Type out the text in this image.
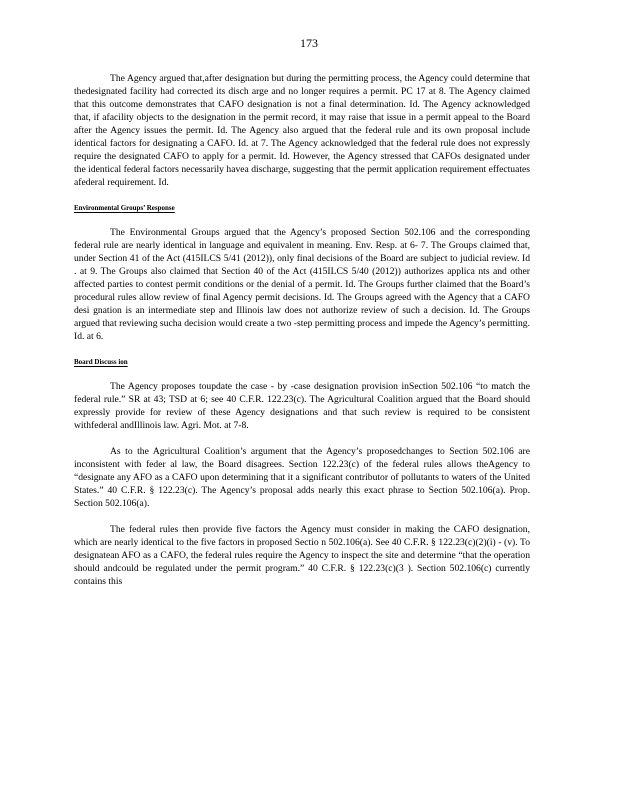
173

The Agency argued that,after designation but during the permitting process, the Agency could determine that thedesignated facility had corrected its disch arge and no longer requires a permit. PC 17 at 8. The Agency claimed that this outcome demonstrates that CAFO designation is not a final determination. Id. The Agency acknowledged that, if afacility objects to the designation in the permit record, it may raise that issue in a permit appeal to the Board after the Agency issues the permit. Id. The Agency also argued that the federal rule and its own proposal include identical factors for designating a CAFO. Id. at 7. The Agency acknowledged that the federal rule does not expressly require the designated CAFO to apply for a permit. Id. However, the Agency stressed that CAFOs designated under the identical federal factors necessarily havea discharge, suggesting that the permit application requirement effectuates afederal requirement. Id.

Environmental Groups’ Response

The Environmental Groups argued that the Agency’s proposed Section 502.106 and the corresponding federal rule are nearly identical in language and equivalent in meaning. Env. Resp. at 6- 7. The Groups claimed that, under Section 41 of the Act (415ILCS 5/41 (2012)), only final decisions of the Board are subject to judicial review. Id . at 9. The Groups also claimed that Section 40 of the Act (415ILCS 5/40 (2012)) authorizes applica nts and other affected parties to contest permit conditions or the denial of a permit. Id. The Groups further claimed that the Board’s procedural rules allow review of final Agency permit decisions. Id. The Groups agreed with the Agency that a CAFO desi gnation is an intermediate step and Illinois law does not authorize review of such a decision. Id. The Groups argued that reviewing sucha decision would create a two -step permitting process and impede the Agency’s permitting. Id. at 6.

Board Discuss ion

The Agency proposes toupdate the case - by -case designation provision inSection 502.106 “to match the federal rule.” SR at 43; TSD at 6; see 40 C.F.R. 122.23(c). The Agricultural Coalition argued that the Board should expressly provide for review of these Agency designations and that such review is required to be consistent withfederal andIllinois law. Agri. Mot. at 7-8.

As to the Agricultural Coalition’s argument that the Agency’s proposedchanges to Section 502.106 are inconsistent with feder al law, the Board disagrees. Section 122.23(c) of the federal rules allows theAgency to “designate any AFO as a CAFO upon determining that it a significant contributor of pollutants to waters of the United States.” 40 C.F.R. § 122.23(c). The Agency’s proposal adds nearly this exact phrase to Section 502.106(a). Prop. Section 502.106(a).

The federal rules then provide five factors the Agency must consider in making the CAFO designation, which are nearly identical to the five factors in proposed Sectio n 502.106(a). See 40 C.F.R. § 122.23(c)(2)(i) - (v). To designatean AFO as a CAFO, the federal rules require the Agency to inspect the site and determine “that the operation should andcould be regulated under the permit program.” 40 C.F.R. § 122.23(c)(3 ). Section 502.106(c) currently contains this
